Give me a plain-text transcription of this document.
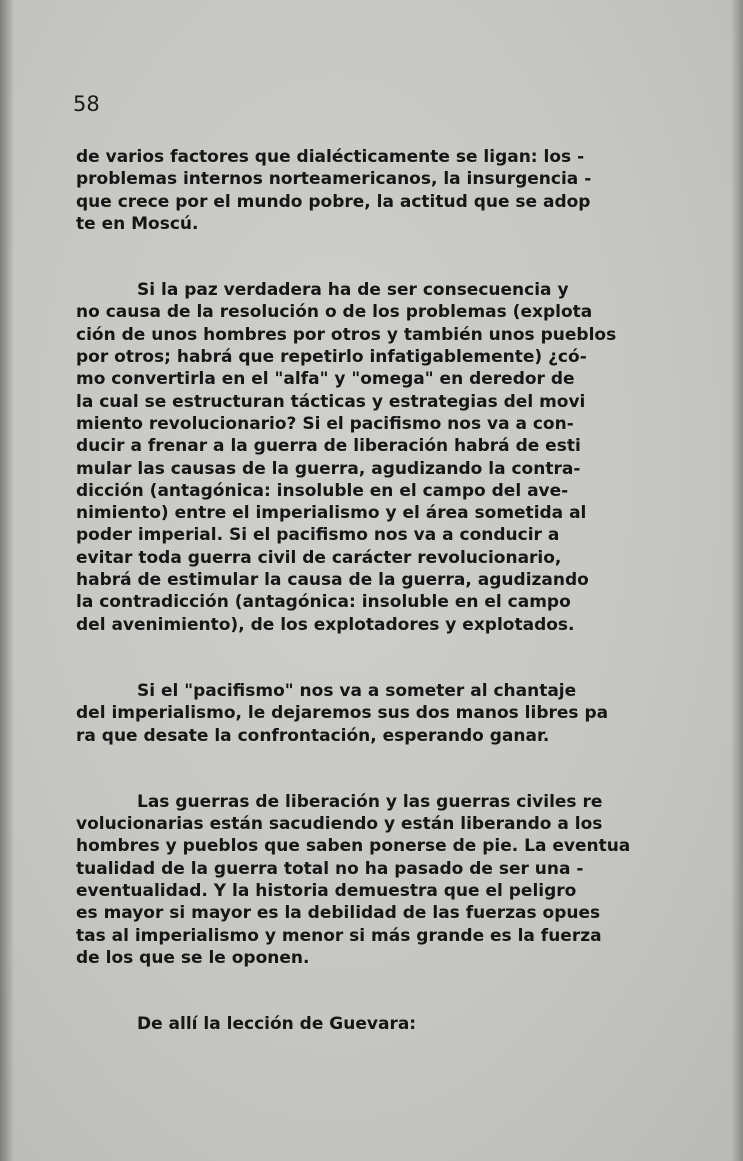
58

de varios factores que dialécticamente se ligan: los -
problemas internos norteamericanos, la insurgencia -
que crece por el mundo pobre, la actitud que se adop
te en Moscú.

Si la paz verdadera ha de ser consecuencia y
no causa de la resolución o de los problemas (explota
ción de unos hombres por otros y también unos pueblos
por otros; habrá que repetirlo infatigablemente) ¿có-
mo convertirla en el "alfa" y "omega" en deredor de
la cual se estructuran tácticas y estrategias del movi
miento revolucionario? Si el pacifismo nos va a con-
ducir a frenar a la guerra de liberación habrá de esti
mular las causas de la guerra, agudizando la contra-
dicción (antagónica: insoluble en el campo del ave-
nimiento) entre el imperialismo y el área sometida al
poder imperial. Si el pacifismo nos va a conducir a
evitar toda guerra civil de carácter revolucionario,
habrá de estimular la causa de la guerra, agudizando
la contradicción (antagónica: insoluble en el campo
del avenimiento), de los explotadores y explotados.

Si el "pacifismo" nos va a someter al chantaje
del imperialismo, le dejaremos sus dos manos libres pa
ra que desate la confrontación, esperando ganar.

Las guerras de liberación y las guerras civiles re
volucionarias están sacudiendo y están liberando a los
hombres y pueblos que saben ponerse de pie. La eventua
tualidad de la guerra total no ha pasado de ser una -
eventualidad. Y la historia demuestra que el peligro
es mayor si mayor es la debilidad de las fuerzas opues
tas al imperialismo y menor si más grande es la fuerza
de los que se le oponen.

De allí la lección de Guevara:
